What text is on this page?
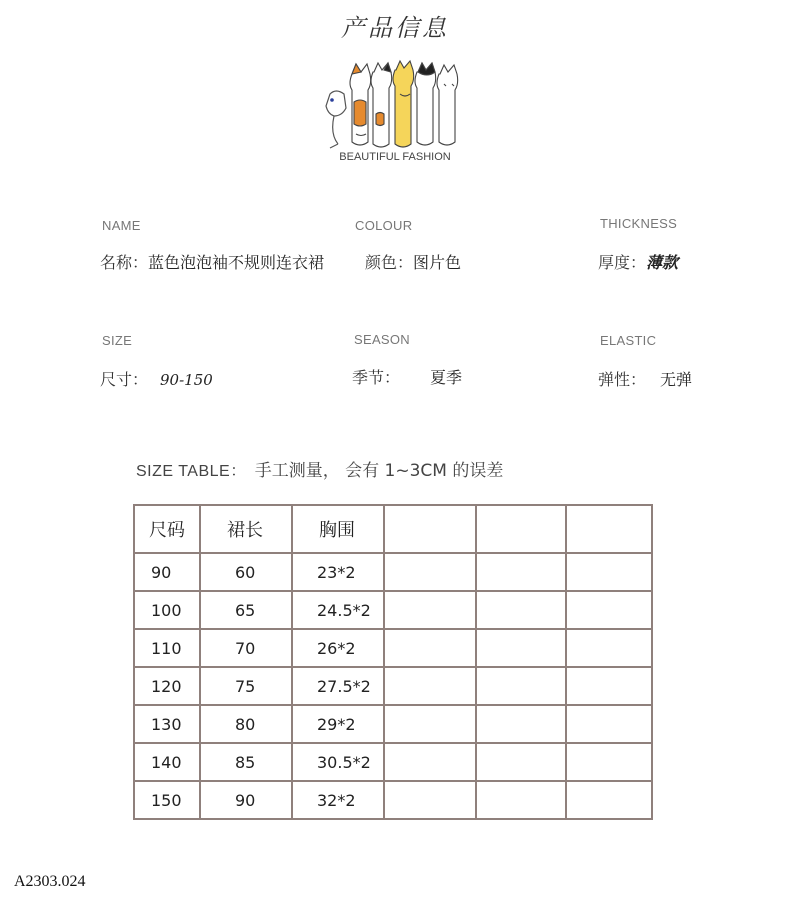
产品信息
BEAUTIFUL FASHION
NAME
名称：蓝色泡泡袖不规则连衣裙
COLOUR
颜色：图片色
THICKNESS
厚度：薄款
SIZE
尺寸： 90-150
SEASON
季节： 夏季
ELASTIC
弹性： 无弹
SIZE TABLE： 手工测量， 会有 1~3CM 的误差
尺码	裙长	胸围			
90	60	23*2			
100	65	24.5*2			
110	70	26*2			
120	75	27.5*2			
130	80	29*2			
140	85	30.5*2			
150	90	32*2			
A2303.024
